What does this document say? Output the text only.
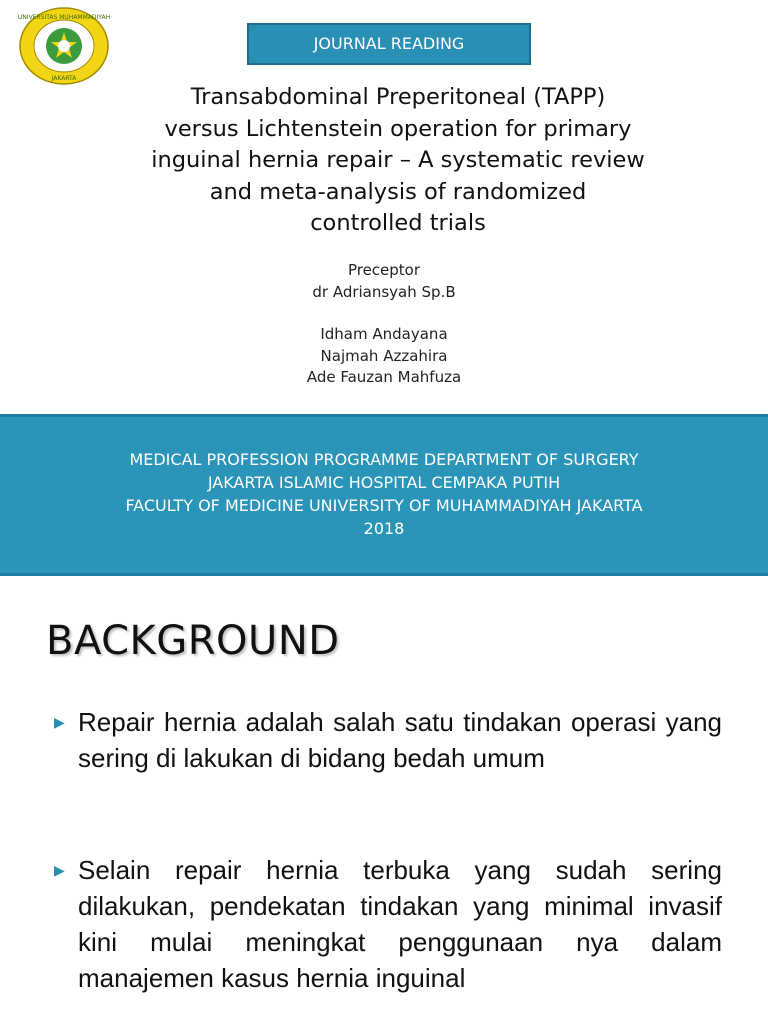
UNIVERSITAS MUHAMMADIYAH
JAKARTA
JOURNAL READING
Transabdominal Preperitoneal (TAPP)
versus Lichtenstein operation for primary
inguinal hernia repair – A systematic review
and meta-analysis of randomized
controlled trials
Preceptor
dr Adriansyah Sp.B
Idham Andayana
Najmah Azzahira
Ade Fauzan Mahfuza
MEDICAL PROFESSION PROGRAMME DEPARTMENT OF SURGERY
JAKARTA ISLAMIC HOSPITAL CEMPAKA PUTIH
FACULTY OF MEDICINE UNIVERSITY OF MUHAMMADIYAH JAKARTA
2018
BACKGROUND
▶ Repair hernia adalah salah satu tindakan operasi yang sering di lakukan di bidang bedah umum
▶ Selain repair hernia terbuka yang sudah sering dilakukan, pendekatan tindakan yang minimal invasif kini mulai meningkat penggunaan nya dalam manajemen kasus hernia inguinal
